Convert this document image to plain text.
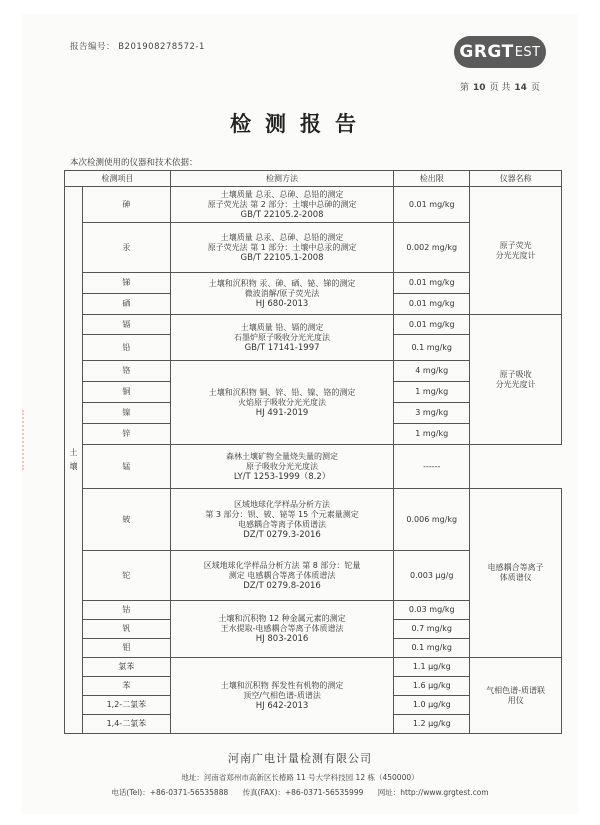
报告编号： B201908278572-1	GRGT EST
第 10 页 共 14 页
检测报告
本次检测使用的仪器和技术依据：
检测项目		检测方法	检出限	仪器名称

土
壤	砷	土壤质量 总汞、总砷、总铅的测定
原子荧光法 第 2 部分：土壤中总砷的测定
GB/T 22105.2-2008	0.01 mg/kg	原子荧光
分光光度计

	汞	土壤质量 总汞、总砷、总铅的测定
原子荧光法 第 1 部分：土壤中总汞的测定
GB/T 22105.1-2008	0.002 mg/kg	
	锑	土壤和沉积物 汞、砷、硒、铋、锑的测定
微波消解/原子荧光法
HJ 680-2013	0.01 mg/kg	
	硒		0.01 mg/kg	
	镉	土壤质量 铅、镉的测定
石墨炉原子吸收分光光度法
GB/T 17141-1997	0.01 mg/kg	原子吸收
分光光度计

	铅		0.1 mg/kg	
	铬	土壤和沉积物 铜、锌、铅、镍、铬的测定
火焰原子吸收分光光度法
HJ 491-2019	4 mg/kg	
	铜		1 mg/kg	
	镍		3 mg/kg	
	锌		1 mg/kg	
	锰	森林土壤矿物全量烧失量的测定
原子吸收分光光度法
LY/T 1253-1999（8.2）	------	
	铍	区域地球化学样品分析方法
第 3 部分：钡、铍、铋等 15 个元素量测定
电感耦合等离子体质谱法
DZ/T 0279.3-2016	0.006 mg/kg	电感耦合等离子
体质谱仪

	铊	区域地球化学样品分析方法 第 8 部分：铊量
测定 电感耦合等离子体质谱法
DZ/T 0279.8-2016	0.003 μg/g	
	钴	土壤和沉积物 12 种金属元素的测定
王水提取-电感耦合等离子体质谱法
HJ 803-2016	0.03 mg/kg	
	钒		0.7 mg/kg	
	钼		0.1 mg/kg	
	氯苯	土壤和沉积物 挥发性有机物的测定
顶空/气相色谱-质谱法
HJ 642-2013	1.1 μg/kg	气相色谱-质谱联
用仪

	苯		1.6 μg/kg	
	1,2-二氯苯		1.0 μg/kg	
	1,4-二氯苯		1.2 μg/kg	
河南广电计量检测有限公司
地址：河南省郑州市高新区长椿路 11 号大学科技园 12 栋（450000）
电话(Tel)：+86-0371-56535888 传真(FAX)：+86-0371-56535999 网址：http://www.grgtest.com
